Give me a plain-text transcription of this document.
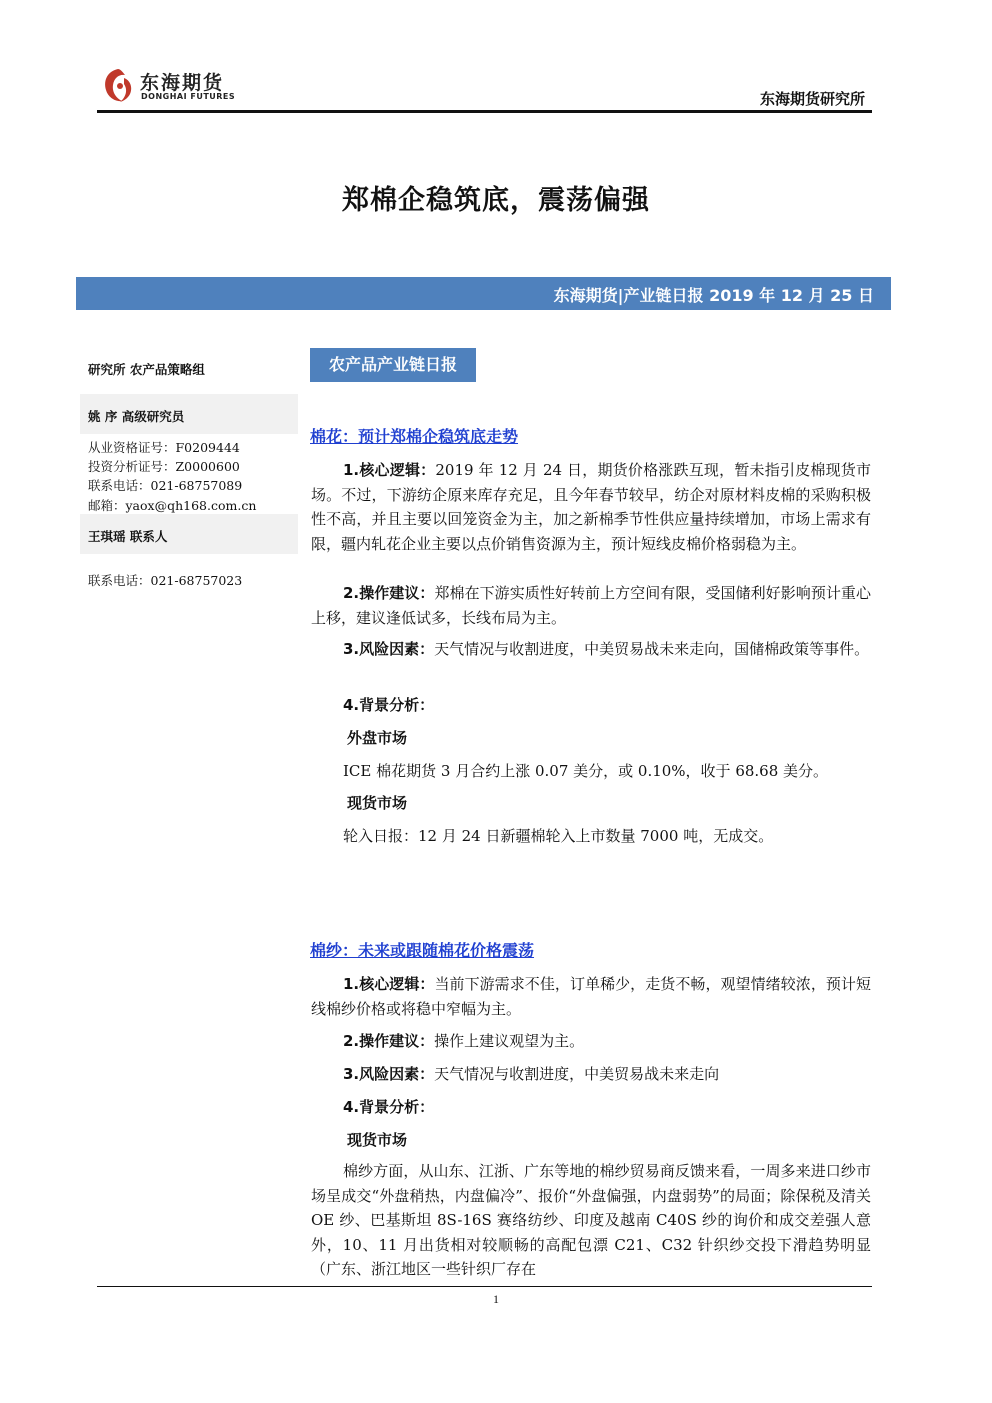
东海期货
DONGHAI FUTURES	东海期货研究所
郑棉企稳筑底，震荡偏强
东海期货|产业链日报 2019 年 12 月 25 日
研究所 农产品策略组
姚 序 高级研究员
从业资格证号：F0209444
投资分析证号：Z0000600
联系电话：021-68757089
邮箱：yaox@qh168.com.cn
王琪瑶 联系人
联系电话：021-68757023
农产品产业链日报
棉花：预计郑棉企稳筑底走势
1.核心逻辑：2019 年 12 月 24 日，期货价格涨跌互现，暂未指引皮棉现货市场。不过，下游纺企原来库存充足，且今年春节较早，纺企对原材料皮棉的采购积极性不高，并且主要以回笼资金为主，加之新棉季节性供应量持续增加，市场上需求有限，疆内轧花企业主要以点价销售资源为主，预计短线皮棉价格弱稳为主。
2.操作建议：郑棉在下游实质性好转前上方空间有限，受国储利好影响预计重心上移，建议逢低试多，长线布局为主。
3.风险因素：天气情况与收割进度，中美贸易战未来走向，国储棉政策等事件。
4.背景分析：
外盘市场
ICE 棉花期货 3 月合约上涨 0.07 美分，或 0.10%，收于 68.68 美分。
现货市场
轮入日报：12 月 24 日新疆棉轮入上市数量 7000 吨，无成交。
棉纱：未来或跟随棉花价格震荡
1.核心逻辑：当前下游需求不佳，订单稀少，走货不畅，观望情绪较浓，预计短线棉纱价格或将稳中窄幅为主。
2.操作建议：操作上建议观望为主。
3.风险因素：天气情况与收割进度，中美贸易战未来走向
4.背景分析：
现货市场
棉纱方面，从山东、江浙、广东等地的棉纱贸易商反馈来看，一周多来进口纱市场呈成交“外盘稍热，内盘偏冷”、报价“外盘偏强，内盘弱势”的局面；除保税及清关 OE 纱、巴基斯坦 8S-16S 赛络纺纱、印度及越南 C40S 纱的询价和成交差强人意外，10、11 月出货相对较顺畅的高配包漂 C21、C32 针织纱交投下滑趋势明显（广东、浙江地区一些针织厂存在
1
